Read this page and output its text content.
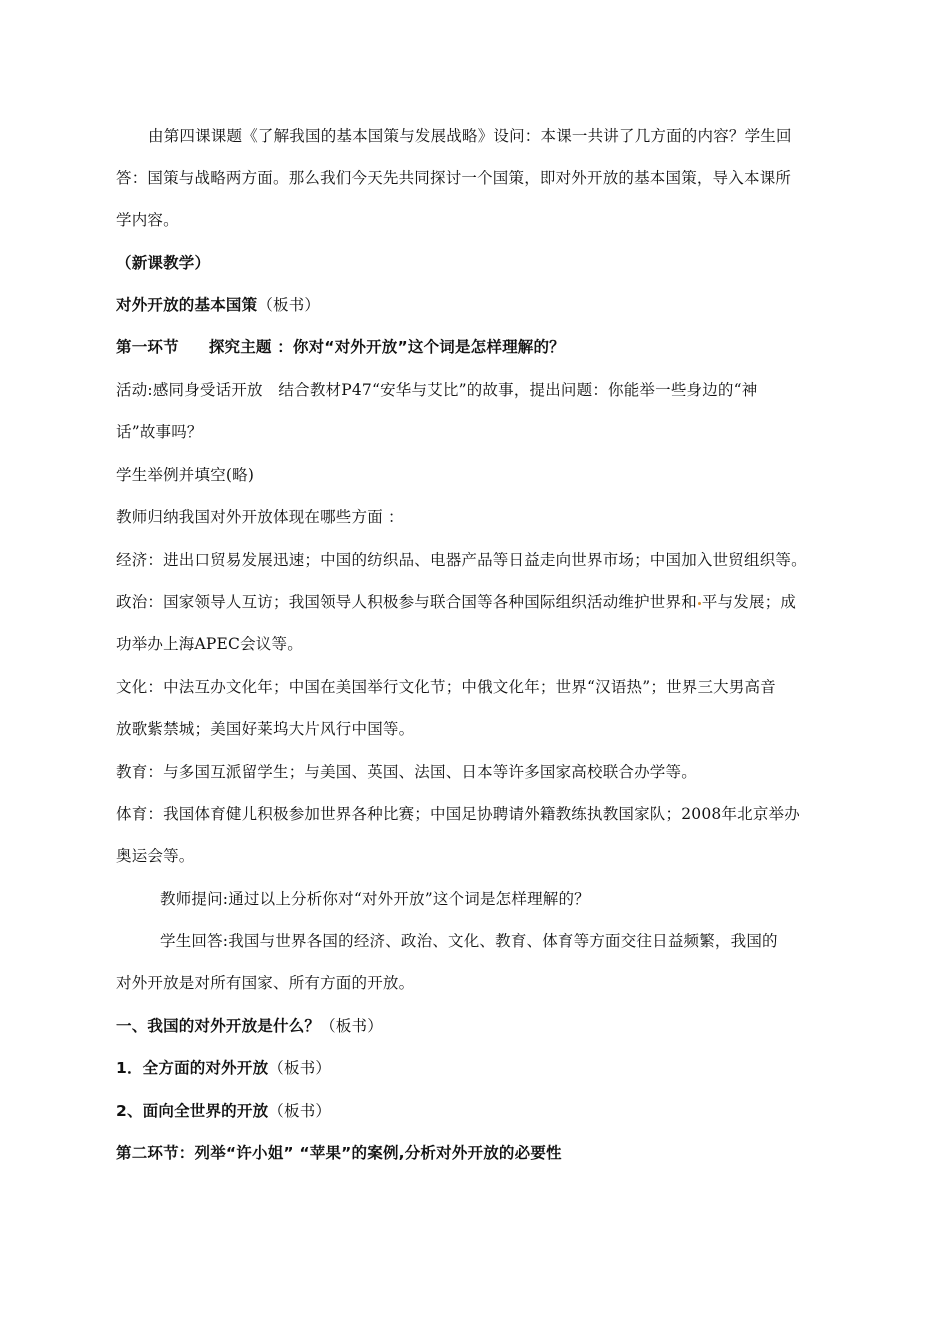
由第四课课题《了解我国的基本国策与发展战略》设问：本课一共讲了几方面的内容？学生回
答：国策与战略两方面。那么我们今天先共同探讨一个国策，即对外开放的基本国策，导入本课所
学内容。
（新课教学）
对外开放的基本国策（板书）
第一环节 探究主题 ：你对“对外开放”这个词是怎样理解的？
活动:感同身受话开放　结合教材P47“安华与艾比”的故事，提出问题：你能举一些身边的“神
话”故事吗？
学生举例并填空(略)
教师归纳我国对外开放体现在哪些方面 ：
经济：进出口贸易发展迅速；中国的纺织品、电器产品等日益走向世界市场；中国加入世贸组织等。
政治：国家领导人互访；我国领导人积极参与联合国等各种国际组织活动维护世界和 平与发展；成
功举办上海APEC会议等。
文化：中法互办文化年；中国在美国举行文化节；中俄文化年；世界“汉语热”；世界三大男高音
放歌紫禁城；美国好莱坞大片风行中国等。
教育：与多国互派留学生；与美国、英国、法国、日本等许多国家高校联合办学等。
体育：我国体育健儿积极参加世界各种比赛；中国足协聘请外籍教练执教国家队；2008年北京举办
奥运会等。
教师提问:通过以上分析你对“对外开放”这个词是怎样理解的？
学生回答:我国与世界各国的经济、政治、文化、教育、体育等方面交往日益频繁，我国的
对外开放是对所有国家、所有方面的开放。
一、我国的对外开放是什么？（板书）
1．全方面的对外开放（板书）
2、面向全世界的开放（板书）
第二环节：列举“许小姐” “苹果”的案例,分析对外开放的必要性
